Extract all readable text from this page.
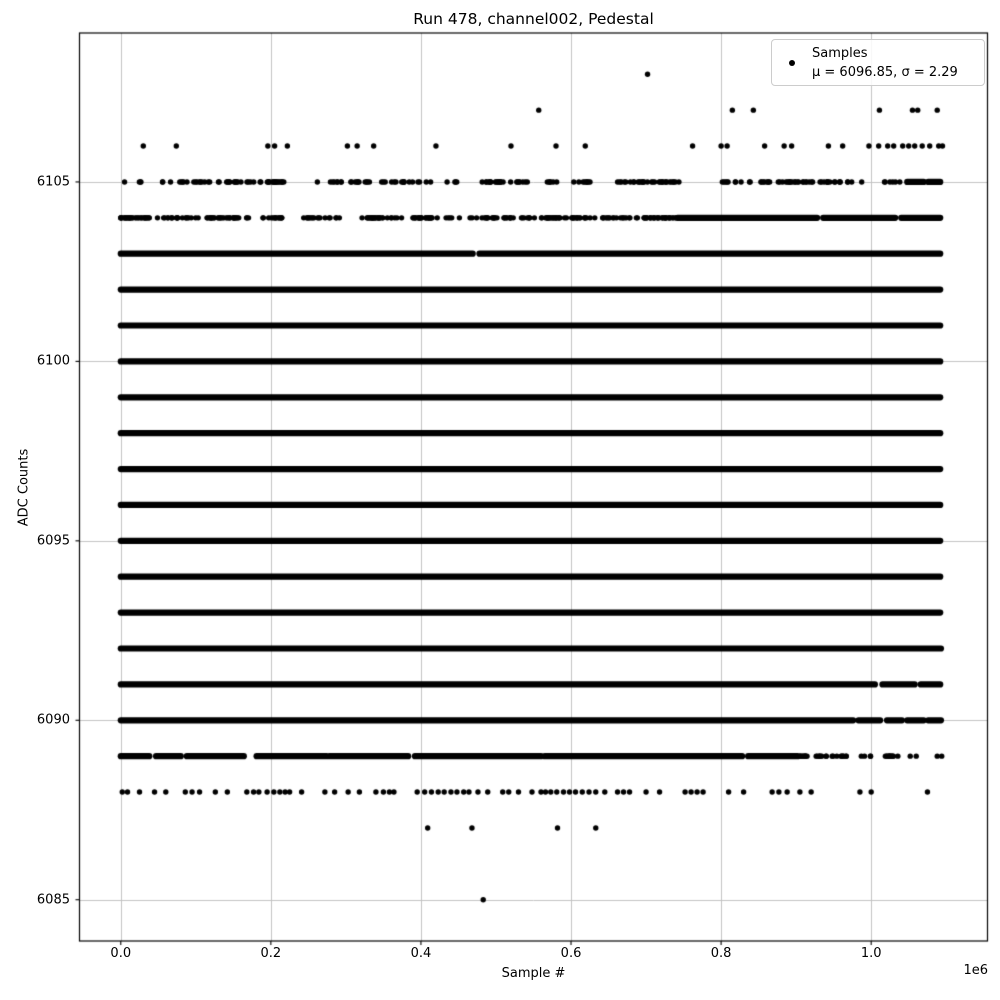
Run 478, channel002, Pedestal
Sample #
ADC Counts
1e6
0.0	0.2	0.4	0.6	0.8	1.0
6085
6090
6095
6100
6105
Samples
μ = 6096.85, σ = 2.29
